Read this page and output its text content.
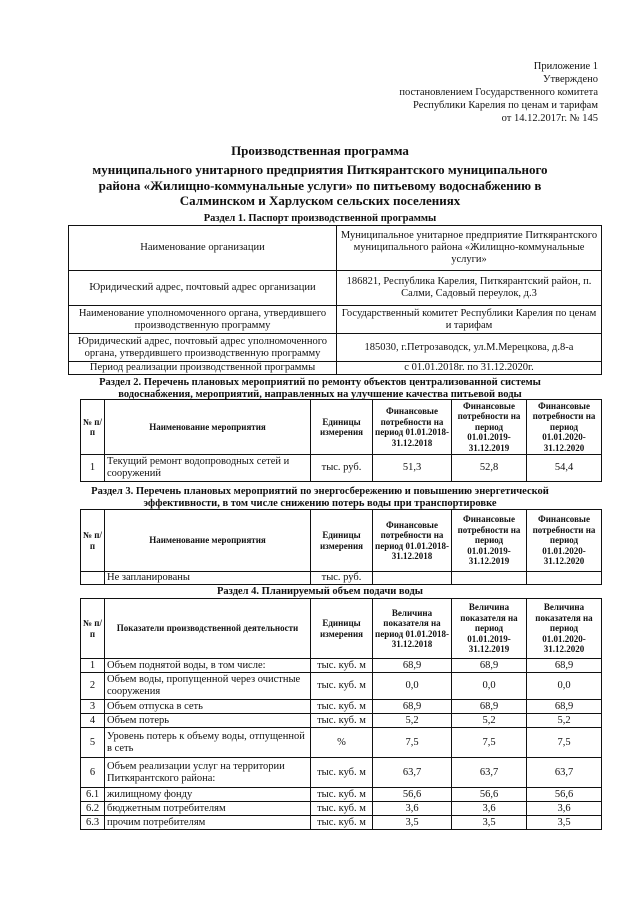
Приложение 1
Утверждено
постановлением Государственного комитета
Республики Карелия по ценам и тарифам
от 14.12.2017г. № 145
Производственная программа
муниципального унитарного предприятия Питкярантского муниципального района «Жилищно-коммунальные услуги» по питьевому водоснабжению в Салминском и Харлуском сельских поселениях
Раздел 1. Паспорт производственной программы
Наименование организации	Муниципальное унитарное предприятие Питкярантского муниципального района «Жилищно-коммунальные услуги»
Юридический адрес, почтовый адрес организации	186821, Республика Карелия, Питкярантский район, п. Салми, Садовый переулок, д.3
Наименование уполномоченного органа, утвердившего производственную программу	Государственный комитет Республики Карелия по ценам и тарифам
Юридический адрес, почтовый адрес уполномоченного органа, утвердившего производственную программу	185030, г.Петрозаводск, ул.М.Мерецкова, д.8-а
Период реализации производственной программы	с 01.01.2018г. по 31.12.2020г.
Раздел 2. Перечень плановых мероприятий по ремонту объектов централизованной системы водоснабжения, мероприятий, направленных на улучшение качества питьевой воды
№ п/п	Наименование мероприятия	Единицы измерения	Финансовые потребности на период 01.01.2018-31.12.2018	Финансовые потребности на период 01.01.2019-31.12.2019	Финансовые потребности на период 01.01.2020-31.12.2020
1	Текущий ремонт водопроводных сетей и сооружений	тыс. руб.	51,3	52,8	54,4
Раздел 3. Перечень плановых мероприятий по энергосбережению и повышению энергетической эффективности, в том числе снижению потерь воды при транспортировке
№ п/п	Наименование мероприятия	Единицы измерения	Финансовые потребности на период 01.01.2018-31.12.2018	Финансовые потребности на период 01.01.2019-31.12.2019	Финансовые потребности на период 01.01.2020-31.12.2020
	Не запланированы	тыс. руб.			
Раздел 4. Планируемый объем подачи воды
№ п/п	Показатели производственной деятельности	Единицы измерения	Величина показателя на период 01.01.2018-31.12.2018	Величина показателя на период 01.01.2019-31.12.2019	Величина показателя на период 01.01.2020-31.12.2020
1	Объем поднятой воды, в том числе:	тыс. куб. м	68,9	68,9	68,9
2	Объем воды, пропущенной через очистные сооружения	тыс. куб. м	0,0	0,0	0,0
3	Объем отпуска в сеть	тыс. куб. м	68,9	68,9	68,9
4	Объем потерь	тыс. куб. м	5,2	5,2	5,2
5	Уровень потерь к объему воды, отпущенной в сеть	%	7,5	7,5	7,5
6	Объем реализации услуг на территории Питкярантского района:	тыс. куб. м	63,7	63,7	63,7
6.1	жилищному фонду	тыс. куб. м	56,6	56,6	56,6
6.2	бюджетным потребителям	тыс. куб. м	3,6	3,6	3,6
6.3	прочим потребителям	тыс. куб. м	3,5	3,5	3,5
